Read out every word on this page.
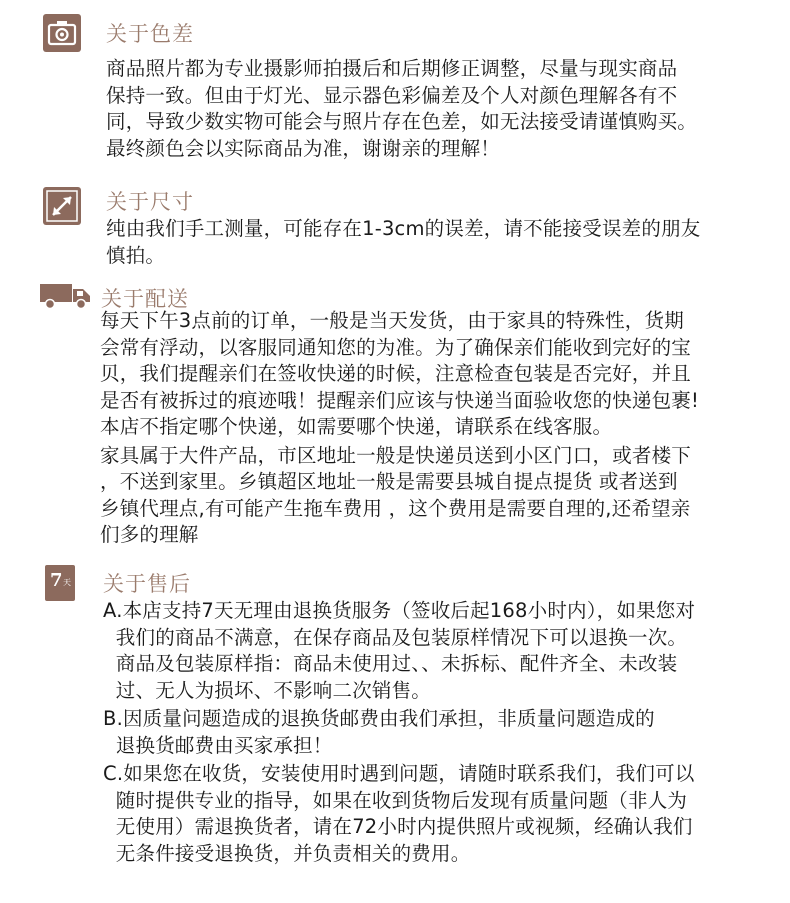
关于色差
商品照片都为专业摄影师拍摄后和后期修正调整，尽量与现实商品
保持一致。但由于灯光、显示器色彩偏差及个人对颜色理解各有不
同，导致少数实物可能会与照片存在色差，如无法接受请谨慎购买。
最终颜色会以实际商品为准，谢谢亲的理解！
关于尺寸
纯由我们手工测量，可能存在1-3cm的误差，请不能接受误差的朋友
慎拍。
关于配送
每天下午3点前的订单，一般是当天发货，由于家具的特殊性，货期
会常有浮动，以客服同通知您的为准。为了确保亲们能收到完好的宝
贝，我们提醒亲们在签收快递的时候，注意检查包装是否完好，并且
是否有被拆过的痕迹哦！提醒亲们应该与快递当面验收您的快递包裹!
本店不指定哪个快递，如需要哪个快递，请联系在线客服。
家具属于大件产品，市区地址一般是快递员送到小区门口，或者楼下
，不送到家里。乡镇超区地址一般是需要县城自提点提货 或者送到
乡镇代理点,有可能产生拖车费用 ，这个费用是需要自理的,还希望亲
们多的理解
7 天 关于售后
A.本店支持7天无理由退换货服务（签收后起168小时内），如果您对
我们的商品不满意，在保存商品及包装原样情况下可以退换一次。
商品及包装原样指：商品未使用过、、未拆标、配件齐全、未改装
过、无人为损坏、不影响二次销售。
B.因质量问题造成的退换货邮费由我们承担，非质量问题造成的
退换货邮费由买家承担！
C.如果您在收货，安装使用时遇到问题，请随时联系我们，我们可以
随时提供专业的指导，如果在收到货物后发现有质量问题（非人为
无使用）需退换货者，请在72小时内提供照片或视频，经确认我们
无条件接受退换货，并负责相关的费用。
